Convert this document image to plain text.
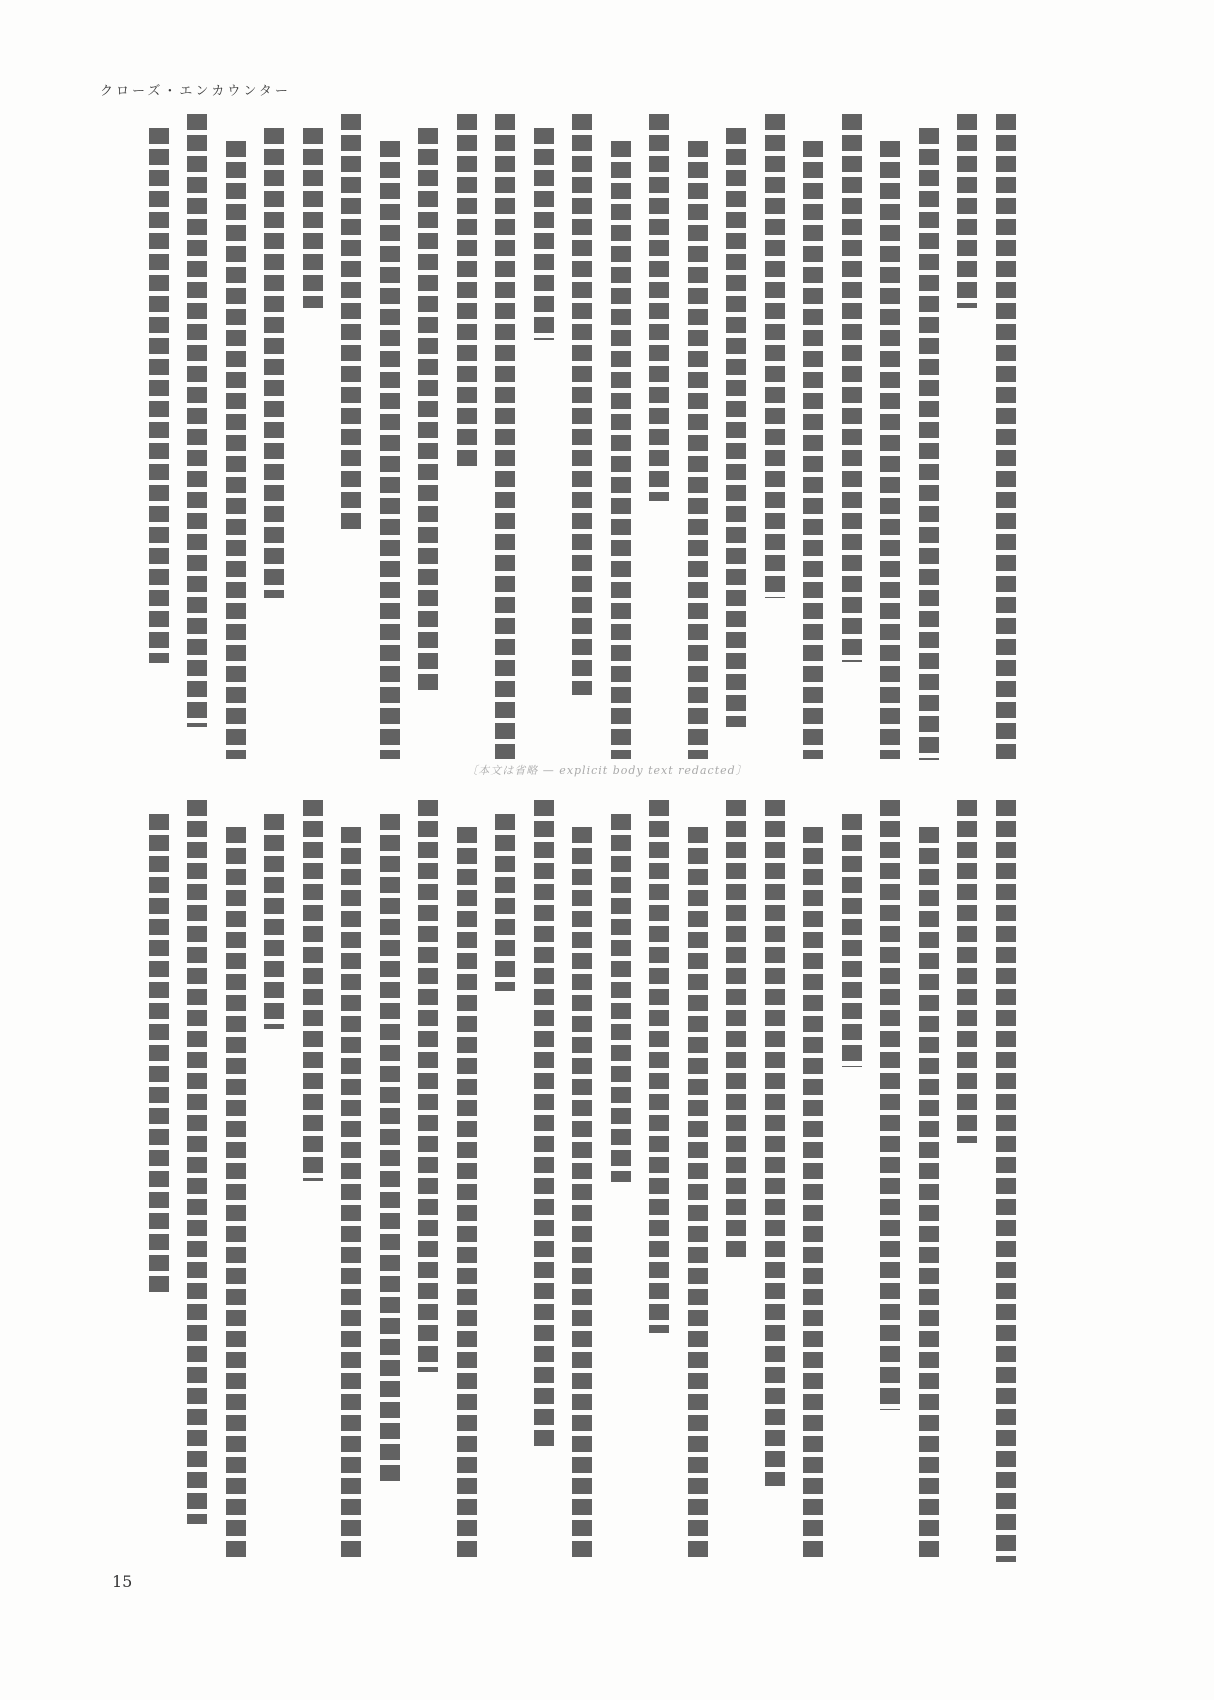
クローズ・エンカウンター
〔本文は省略 — explicit body text redacted〕
15
